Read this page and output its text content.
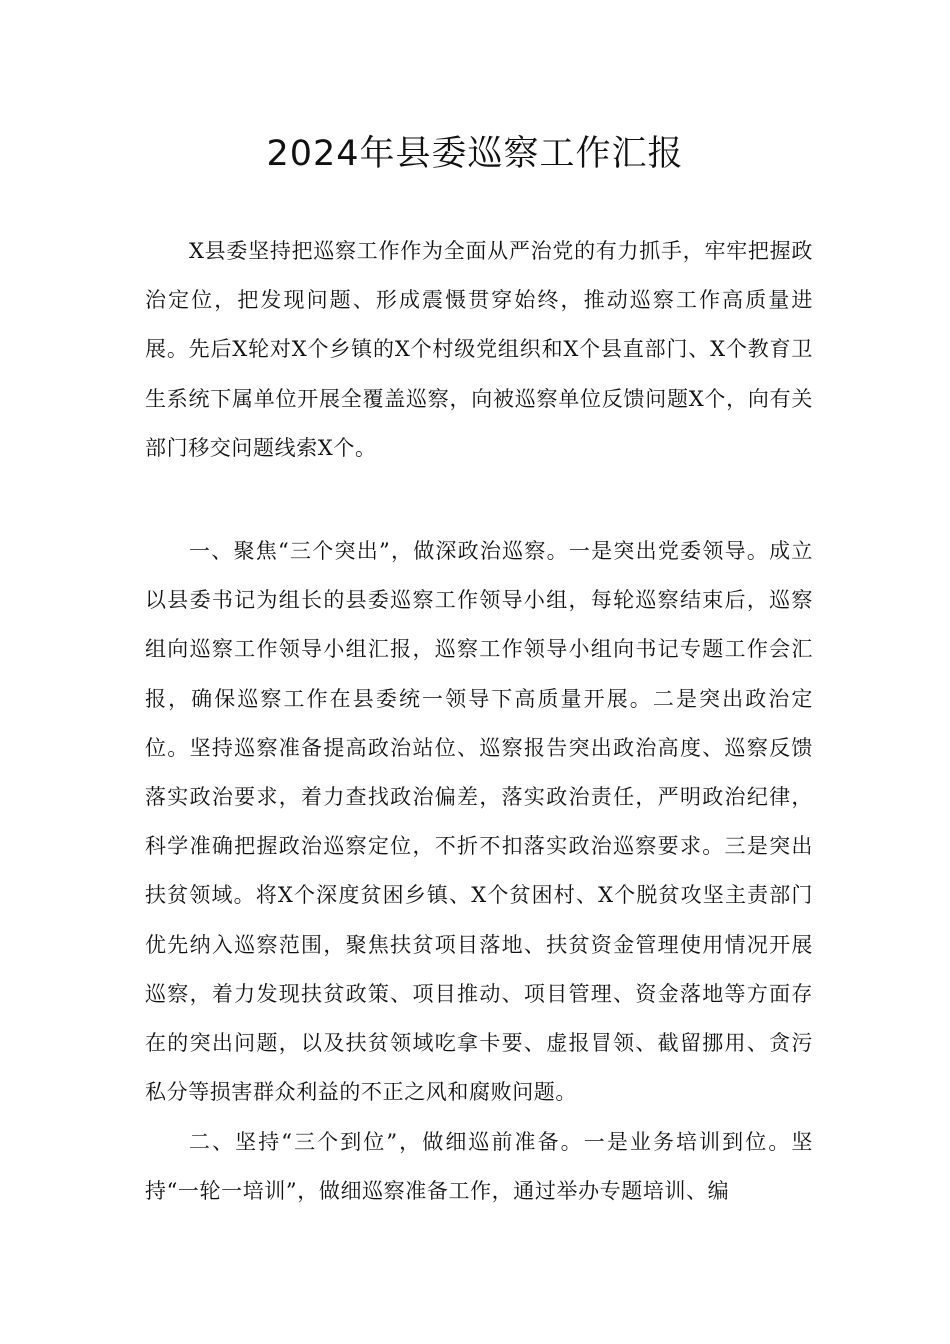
2024年县委巡察工作汇报

X县委坚持把巡察工作作为全面从严治党的有力抓手，牢牢把握政治定位，把发现问题、形成震慑贯穿始终，推动巡察工作高质量进展。先后X轮对X个乡镇的X个村级党组织和X个县直部门、X个教育卫生系统下属单位开展全覆盖巡察，向被巡察单位反馈问题X个，向有关部门移交问题线索X个。

一、聚焦“三个突出”，做深政治巡察。一是突出党委领导。成立以县委书记为组长的县委巡察工作领导小组，每轮巡察结束后，巡察组向巡察工作领导小组汇报，巡察工作领导小组向书记专题工作会汇报，确保巡察工作在县委统一领导下高质量开展。二是突出政治定位。坚持巡察准备提高政治站位、巡察报告突出政治高度、巡察反馈落实政治要求，着力查找政治偏差，落实政治责任，严明政治纪律，科学准确把握政治巡察定位，不折不扣落实政治巡察要求。三是突出扶贫领域。将X个深度贫困乡镇、X个贫困村、X个脱贫攻坚主责部门优先纳入巡察范围，聚焦扶贫项目落地、扶贫资金管理使用情况开展巡察，着力发现扶贫政策、项目推动、项目管理、资金落地等方面存在的突出问题，以及扶贫领域吃拿卡要、虚报冒领、截留挪用、贪污私分等损害群众利益的不正之风和腐败问题。

二、坚持“三个到位”，做细巡前准备。一是业务培训到位。坚持“一轮一培训”，做细巡察准备工作，通过举办专题培训、编
